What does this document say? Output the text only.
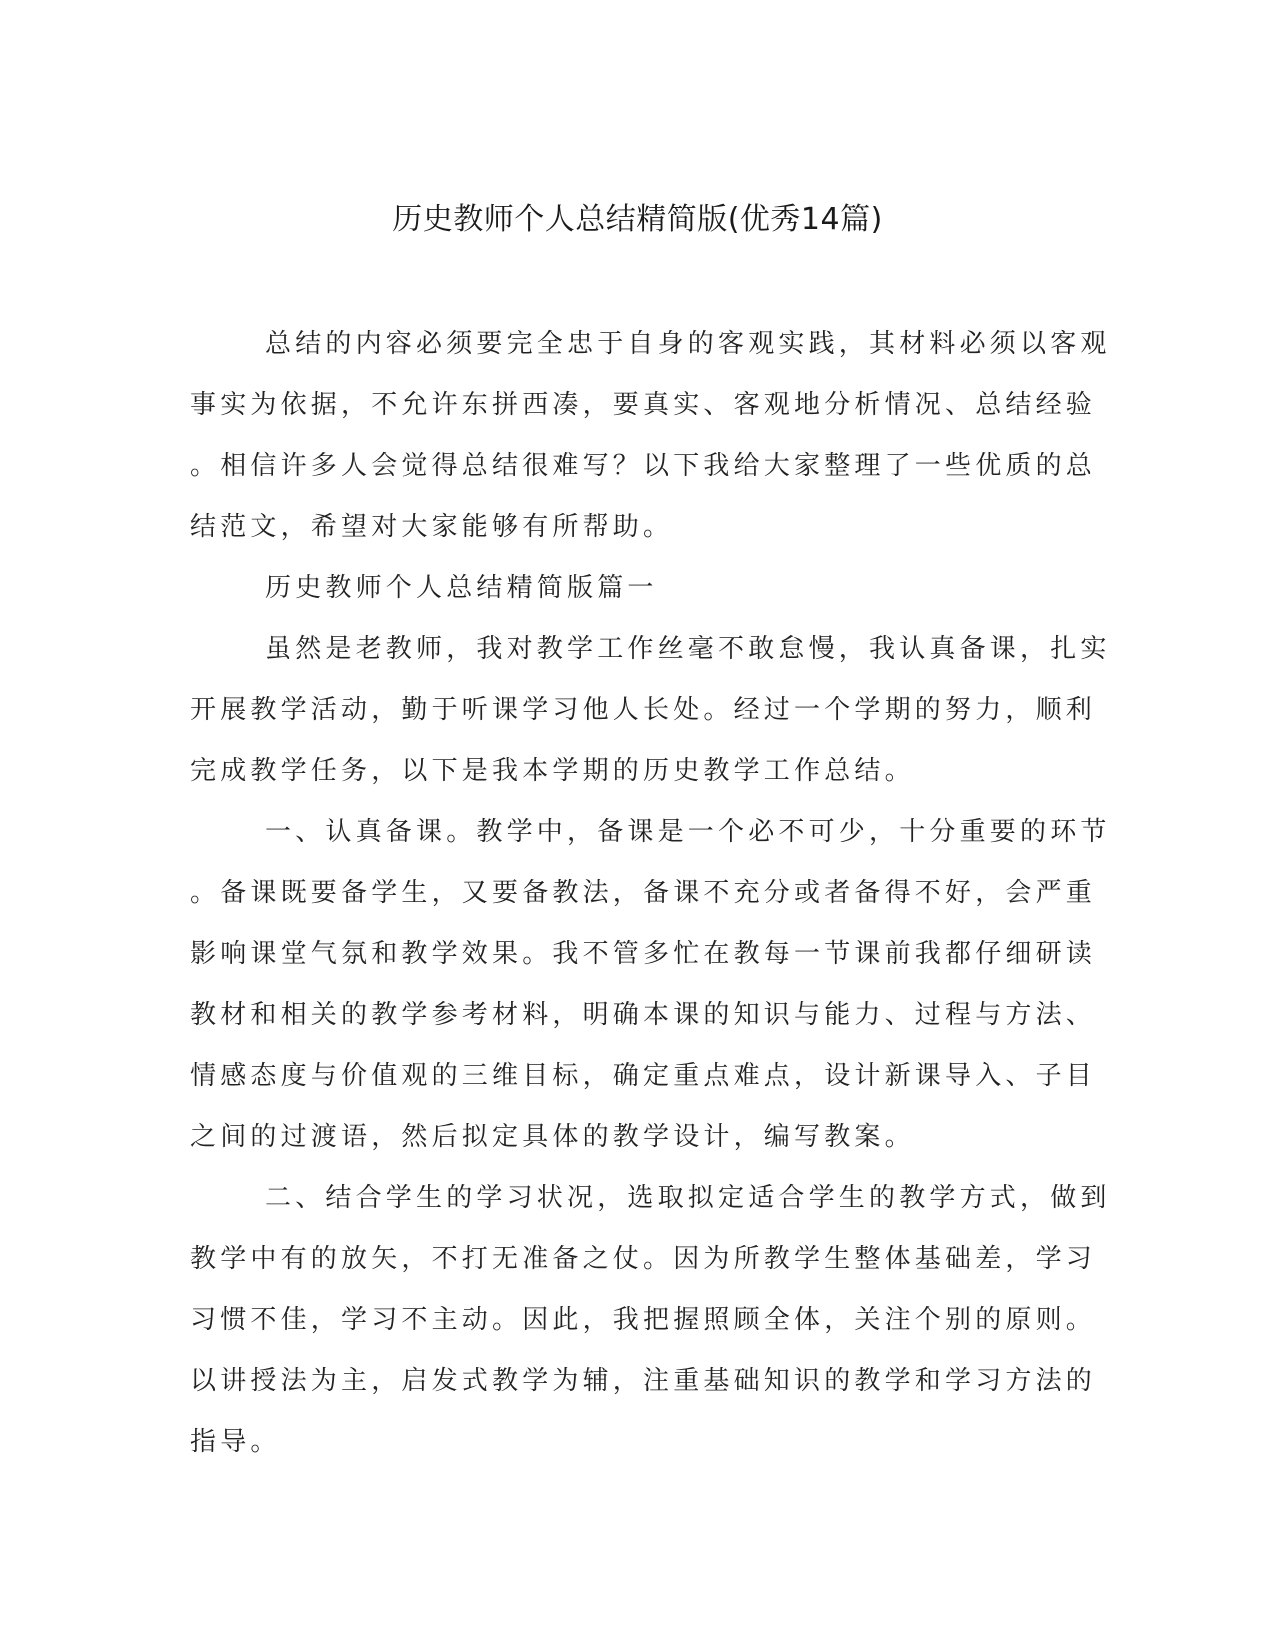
历史教师个人总结精简版(优秀14篇)
总结的内容必须要完全忠于自身的客观实践，其材料必须以客观
事实为依据，不允许东拼西凑，要真实、客观地分析情况、总结经验
。相信许多人会觉得总结很难写？以下我给大家整理了一些优质的总
结范文，希望对大家能够有所帮助。
历史教师个人总结精简版篇一
虽然是老教师，我对教学工作丝毫不敢怠慢，我认真备课，扎实
开展教学活动，勤于听课学习他人长处。经过一个学期的努力，顺利
完成教学任务，以下是我本学期的历史教学工作总结。
一、认真备课。教学中，备课是一个必不可少，十分重要的环节
。备课既要备学生，又要备教法，备课不充分或者备得不好，会严重
影响课堂气氛和教学效果。我不管多忙在教每一节课前我都仔细研读
教材和相关的教学参考材料，明确本课的知识与能力、过程与方法、
情感态度与价值观的三维目标，确定重点难点，设计新课导入、子目
之间的过渡语，然后拟定具体的教学设计，编写教案。
二、结合学生的学习状况，选取拟定适合学生的教学方式，做到
教学中有的放矢，不打无准备之仗。因为所教学生整体基础差，学习
习惯不佳，学习不主动。因此，我把握照顾全体，关注个别的原则。
以讲授法为主，启发式教学为辅，注重基础知识的教学和学习方法的
指导。
